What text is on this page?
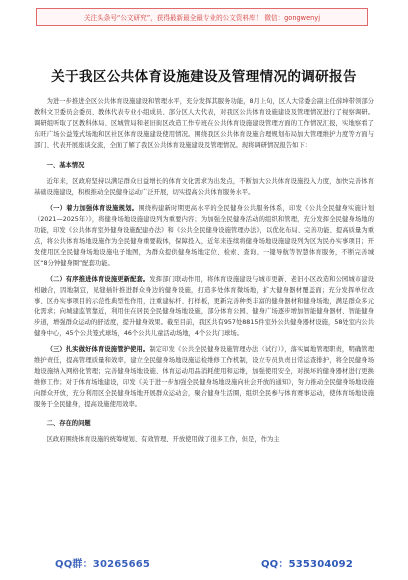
关注头条号“公文研究”，获得最新最全最专业的公文资料库！ 微信：gongwenyj
关于我区公共体育设施建设及管理情况的调研报告

为进一步推进全区公共体育设施建设和管理水平，充分发挥其服务功能，8月上旬，区人大常委会副主任薛坤带领部分教科文卫委员会委员、教体代表专业小组成员、部分区人大代表，对我区公共体育设施建设及管理情况进行了视察调研。调研组听取了区教科体局、区城管局和老旧街区改造工作专班在公共体育设施建设管理方面的工作情况汇报，实地察看了东旺广场公益笼式场地和区社区体育设施建设使用情况。围绕我区公共体育设施合理规划布局加大管理维护力度等方面与部门、代表开展座谈交流，全面了解了我区公共体育设施建设及管理情况。现将调研情况报告如下：

一、基本情况

近年来，区政府坚持以满足群众日益增长的体育文化需求为出发点，不断加大公共体育设施投入力度，加快完善体育基础设施建设，积极推动全民健身运动广泛开展，切实提高公共体育服务水平。

（一）着力加强体育设施规划。围绕构建新时期更高水平的全民健身公共服务体系，印发《公共全民健身实施计划（2021—2025年）》，将健身场地设施建设列为重要内容；为加强全民健身活动的组织和管理，充分发挥全民健身场地的功能，印发《公共体育室外健身设施配建办法》和《公共全民健身设施管理办法》，以优化布局、完善功能、提高质量为重点，将公共体育场地设施作为全民健身重要载体，保障投入，近年来连续将健身场地设施建设列为区为民办实事项目；开发使用区全民健身场地设施电子地图，为群众提供健身场地定位、检索、查询、一键导航等智慧体育服务，不断完善城区“8分钟健身圈”配套功能。

（二）有序推进体育设施更新配套。发挥部门联动作用，将体育设施建设与城市更新、老旧小区改造和公园城市建设相融合，因地制宜，见缝插针推进群众身边的健身设施，打造多处体育微场地，扩大健身器材覆盖面；充分发挥单位改事、区办实事项目的示范性典型性作用，注重建标杆、打样板，更新完善种类丰富的健身器材和健身场地，满足群众多元化需求；向城建监管靠近，利用住在居民全民健身场地设施，部分体育公园、健身广场逐步增加智能健身器材、智能健身步道，增强群众运动的舒适度，提升健身效果。截至目前，我区共有957处8815件室外公共健身器材设施，58处室内公共健身中心，45个公共笼式球场，46个公共儿童活动场地，4个公共门球场。

（三）扎实做好体育设施管护使用。制定印发《公共全民健身设施管理办法（试行）》，落实属地管理职责，明确管理维护责任，提高管理质量和效率，建立全民健身场地设施运检维修工作机制，设立专员负责日常运查排护，将全民健身场地设施纳入网格化管理；完善健身场地设施、体育运动用品消耗使用和运维，加强使用安全，对损坏的健身器材进行更换维修工作；对于体育场地建设，印发《关于进一步加强全民健身场地设施向社会开放的通知》，努力推动全民健身场地设施向群众开放，充分利用区全民健身场地开展群众运动会，聚合健身生活圈，组织全民参与体育赛事运动，使体育场地设施服务于全民健身，提高设施使用效率。

二、存在的问题

区政府围绕体育设施的统筹规划、有效管理、开放使用做了很多工作，但是，作为主

QQ群：30265665	QQ：535304092
